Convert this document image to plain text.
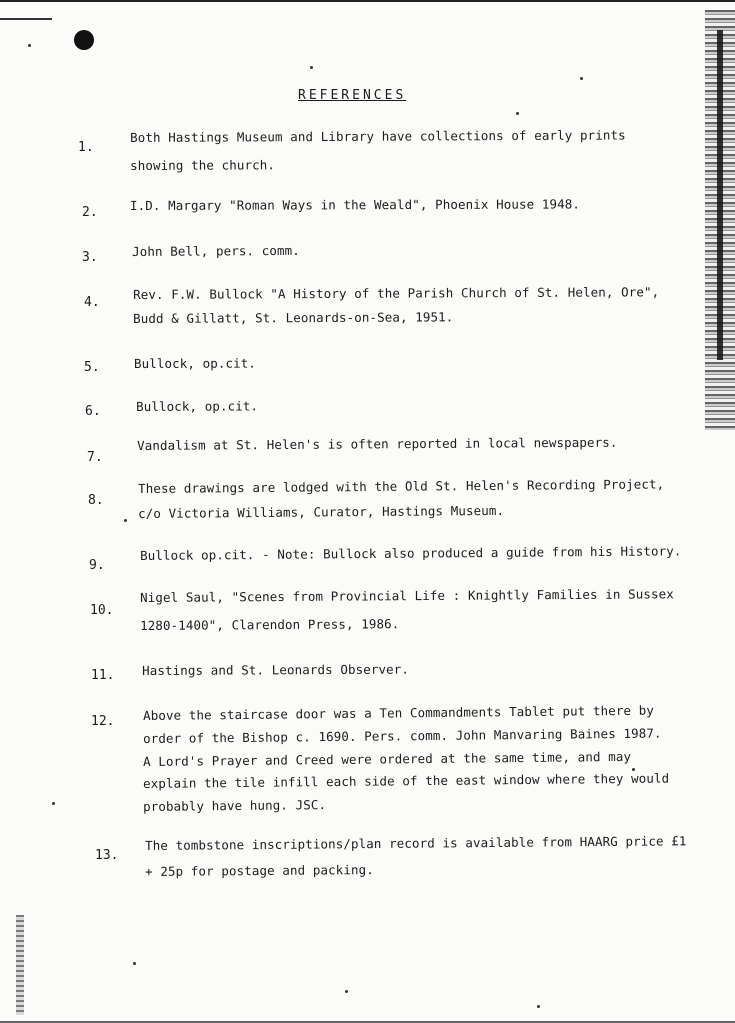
REFERENCES
1.
Both Hastings Museum and Library have collections of early prints
showing the church.
2.	I.D. Margary "Roman Ways in the Weald", Phoenix House 1948.
3.	John Bell, pers. comm.
4.
Rev. F.W. Bullock "A History of the Parish Church of St. Helen, Ore",
Budd & Gillatt, St. Leonards-on-Sea, 1951.
5.	Bullock, op.cit.
6.	Bullock, op.cit.
7.
Vandalism at St. Helen's is often reported in local newspapers.
8.
These drawings are lodged with the Old St. Helen's Recording Project,
c/o Victoria Williams, Curator, Hastings Museum.
9.
Bullock op.cit. - Note: Bullock also produced a guide from his History.
10.
Nigel Saul, "Scenes from Provincial Life : Knightly Families in Sussex
1280-1400", Clarendon Press, 1986.
11. Hastings and St. Leonards Observer.
12. Above the staircase door was a Ten Commandments Tablet put there by
order of the Bishop c. 1690. Pers. comm. John Manvaring Baines 1987.
A Lord's Prayer and Creed were ordered at the same time, and may
explain the tile infill each side of the east window where they would
probably have hung. JSC.
13.
The tombstone inscriptions/plan record is available from HAARG price £1
+ 25p for postage and packing.
